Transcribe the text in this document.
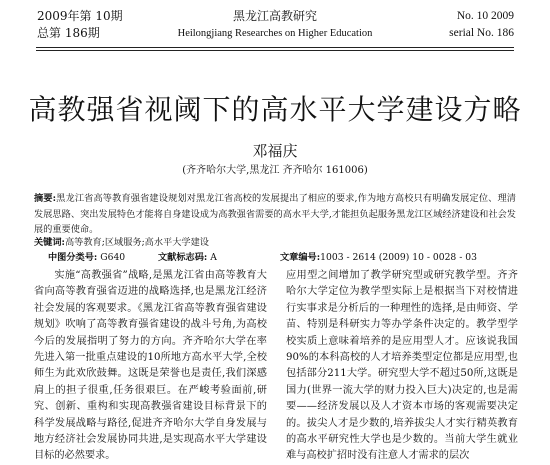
2009年第 10期
总第 186期
黑龙江高教研究
Heilongjiang Researches on Higher Education
No. 10 2009
serial No. 186
高教强省视阈下的高水平大学建设方略
邓福庆
(齐齐哈尔大学,黑龙江 齐齐哈尔 161006)
摘要:黑龙江省高等教育强省建设规划对黑龙江省高校的发展提出了相应的要求,作为地方高校只有明确发展定位、理清发展思路、突出发展特色才能将自身建设成为高教强省需要的高水平大学,才能担负起服务黑龙江区域经济建设和社会发展的重要使命。
关键词:高等教育;区域服务;高水平大学建设
中图分类号: G640	文献标志码: A	文章编号:1003 - 2614 (2009) 10 - 0028 - 03
实施“高教强省”战略,是黑龙江省由高等教育大省向高等教育强省迈进的战略选择,也是黑龙江经济社会发展的客观要求。《黑龙江省高等教育强省建设规划》吹响了高等教育强省建设的战斗号角,为高校今后的发展指明了努力的方向。齐齐哈尔大学在率先进入第一批重点建设的10所地方高水平大学,全校师生为此欢欣鼓舞。这既是荣誉也是责任,我们深感肩上的担子很重,任务很艰巨。在严峻考验面前,研究、创新、重构和实现高教强省建设目标背景下的科学发展战略与路径,促进齐齐哈尔大学自身发展与地方经济社会发展协同共进,是实现高水平大学建设目标的必然要求。
应用型之间增加了教学研究型或研究教学型。齐齐哈尔大学定位为教学型实际上是根据当下对校情进行实事求是分析后的一种理性的选择,是由师资、学苗、特别是科研实力等办学条件决定的。教学型学校实质上意味着培养的是应用型人才。应该说我国90%的本科高校的人才培养类型定位都是应用型,也包括部分211大学。研究型大学不超过50所,这既是国力(世界一流大学的财力投入巨大)决定的,也是需要——经济发展以及人才资本市场的客观需要决定的。拔尖人才是少数的,培养拔尖人才实行精英教育的高水平研究性大学也是少数的。当前大学生就业难与高校扩招时没有注意人才需求的层次
